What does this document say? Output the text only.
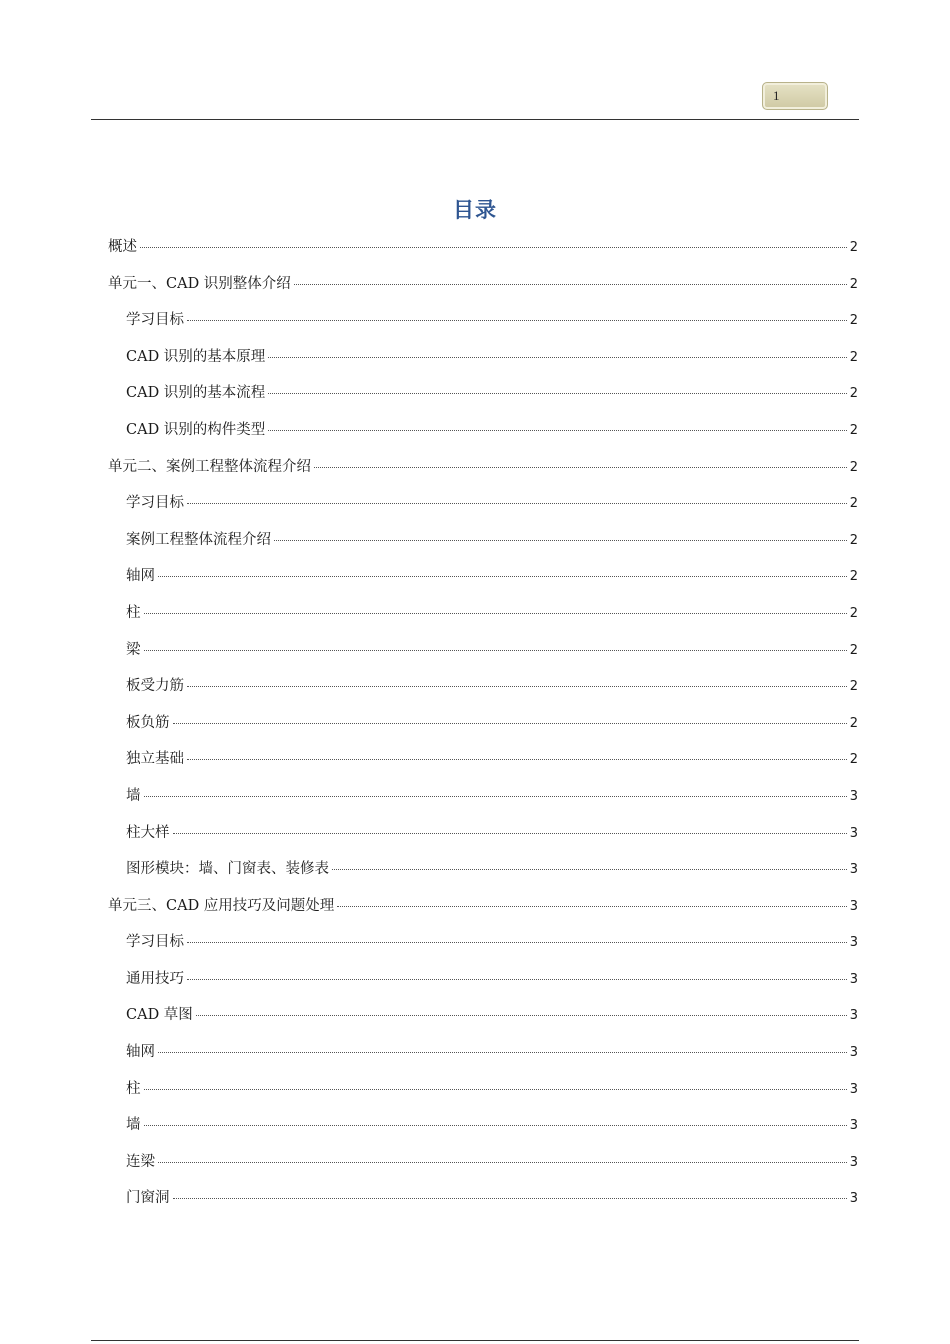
1
目录
概述	2
单元一、CAD 识别整体介绍	2
学习目标	2
CAD 识别的基本原理	2
CAD 识别的基本流程	2
CAD 识别的构件类型	2
单元二、案例工程整体流程介绍	2
学习目标	2
案例工程整体流程介绍	2
轴网	2
柱	2
梁	2
板受力筋	2
板负筋	2
独立基础	2
墙	3
柱大样	3
图形模块：墙、门窗表、装修表	3
单元三、CAD 应用技巧及问题处理	3
学习目标	3
通用技巧	3
CAD 草图	3
轴网	3
柱	3
墙	3
连梁	3
门窗洞	3
